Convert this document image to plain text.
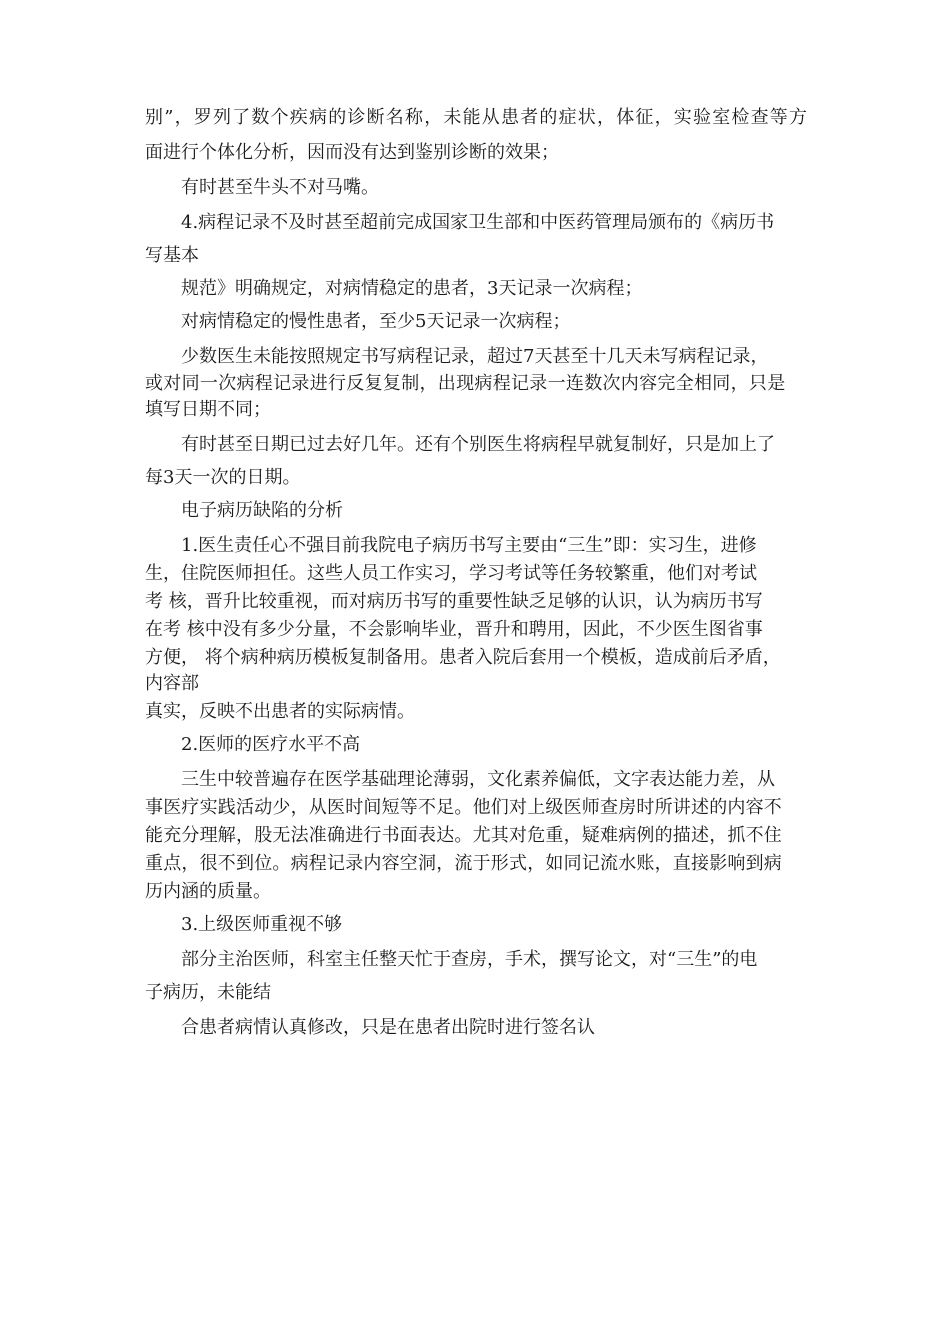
别”，罗列了数个疾病的诊断名称，未能从患者的症状，体征，实验室检查等方
面进行个体化分析，因而没有达到鉴别诊断的效果；
有时甚至牛头不对马嘴。
4.病程记录不及时甚至超前完成国家卫生部和中医药管理局颁布的《病历书
写基本
规范》明确规定，对病情稳定的患者，3天记录一次病程；
对病情稳定的慢性患者，至少5天记录一次病程；
少数医生未能按照规定书写病程记录，超过7天甚至十几天未写病程记录，
或对同一次病程记录进行反复复制，出现病程记录一连数次内容完全相同，只是
填写日期不同；
有时甚至日期已过去好几年。还有个别医生将病程早就复制好，只是加上了
每3天一次的日期。
电子病历缺陷的分析
1.医生责任心不强目前我院电子病历书写主要由“三生”即：实习生，进修
生，住院医师担任。这些人员工作实习，学习考试等任务较繁重，他们对考试
考 核，晋升比较重视，而对病历书写的重要性缺乏足够的认识，认为病历书写
在考 核中没有多少分量，不会影响毕业，晋升和聘用，因此，不少医生图省事
方便， 将个病种病历模板复制备用。患者入院后套用一个模板，造成前后矛盾，
内容部
真实，反映不出患者的实际病情。
2.医师的医疗水平不高
三生中较普遍存在医学基础理论薄弱，文化素养偏低，文字表达能力差，从
事医疗实践活动少，从医时间短等不足。他们对上级医师查房时所讲述的内容不
能充分理解，股无法准确进行书面表达。尤其对危重，疑难病例的描述，抓不住
重点，很不到位。病程记录内容空洞，流于形式，如同记流水账，直接影响到病
历内涵的质量。
3.上级医师重视不够
部分主治医师，科室主任整天忙于查房，手术，撰写论文，对“三生”的电
子病历，未能结
合患者病情认真修改，只是在患者出院时进行签名认
